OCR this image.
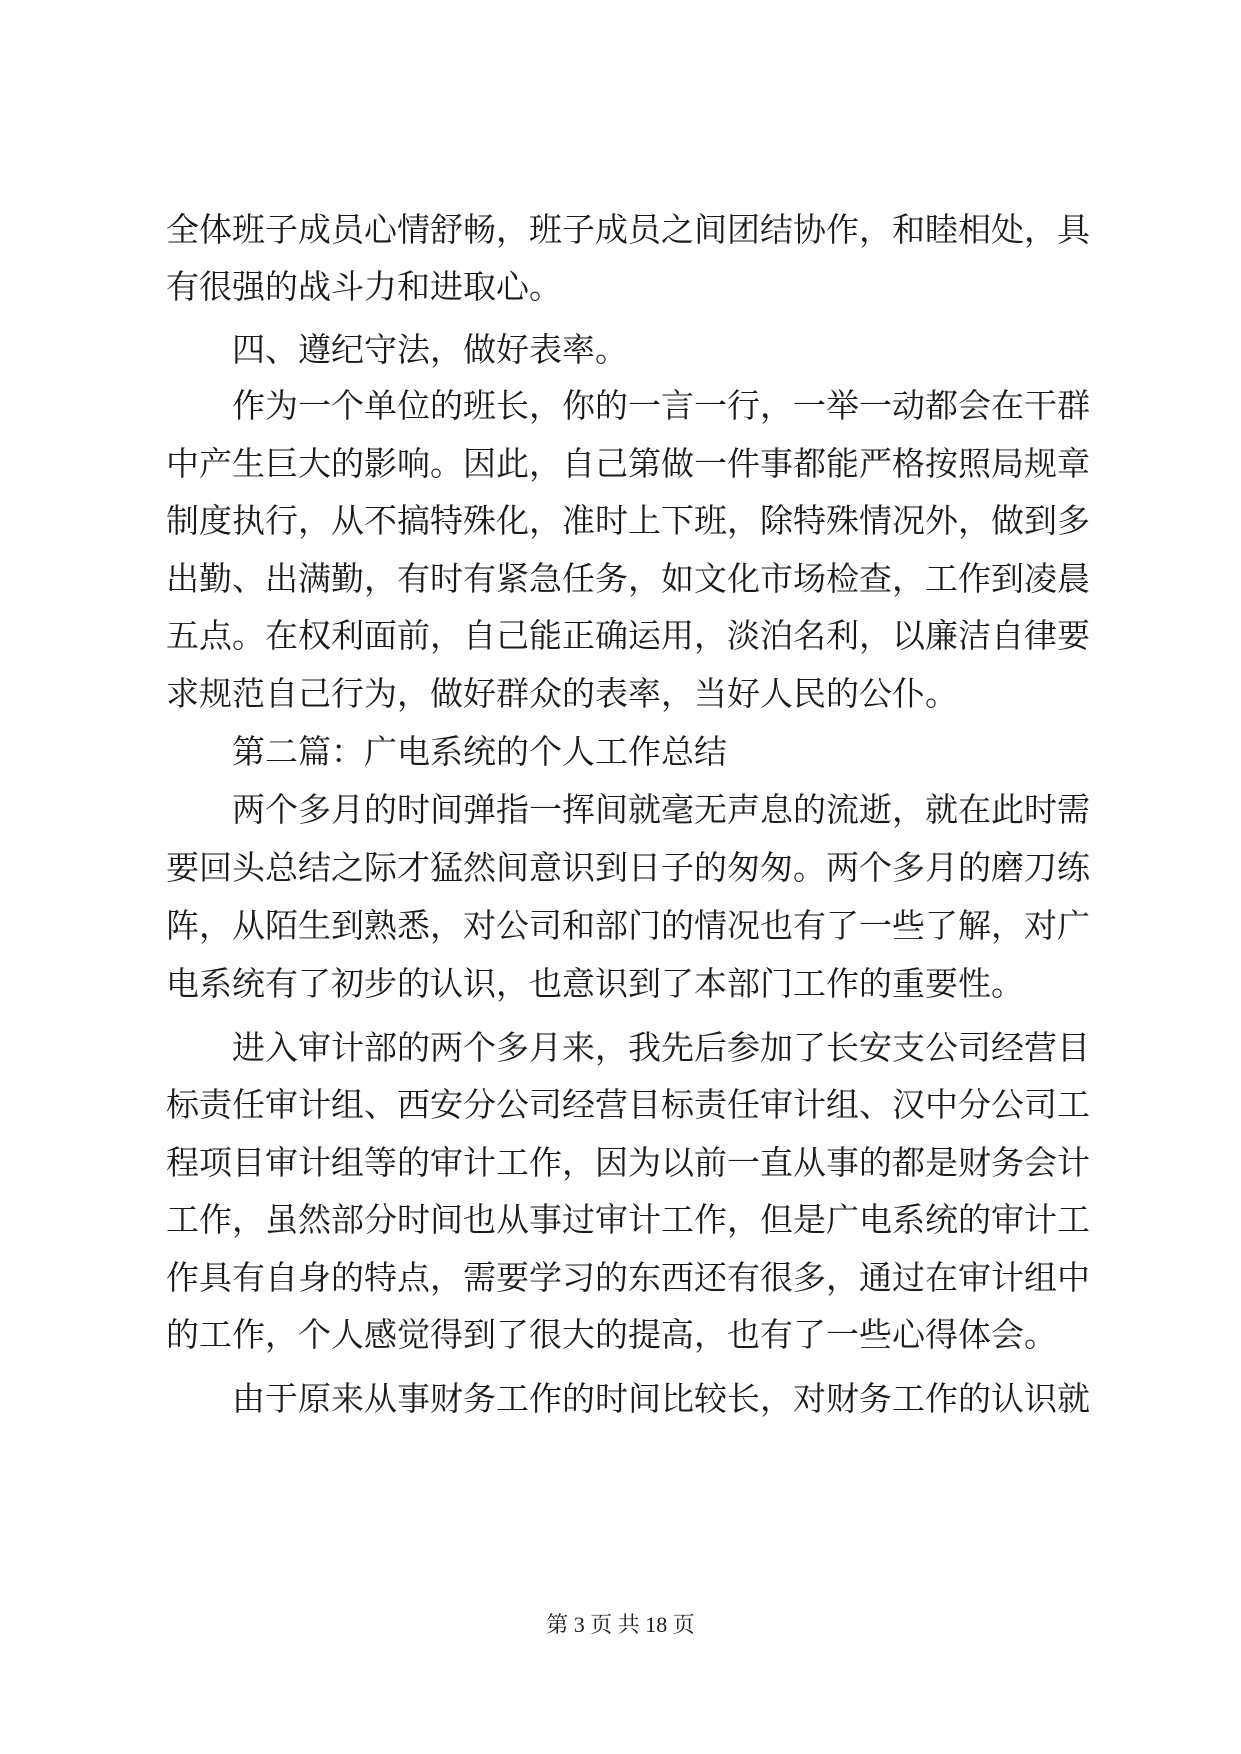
全体班子成员心情舒畅，班子成员之间团结协作，和睦相处，具
有很强的战斗力和进取心。
　　四、遵纪守法，做好表率。
　　作为一个单位的班长，你的一言一行，一举一动都会在干群
中产生巨大的影响。因此，自己第做一件事都能严格按照局规章
制度执行，从不搞特殊化，准时上下班，除特殊情况外，做到多
出勤、出满勤，有时有紧急任务，如文化市场检查，工作到凌晨
五点。在权利面前，自己能正确运用，淡泊名利，以廉洁自律要
求规范自己行为，做好群众的表率，当好人民的公仆。
　　第二篇：广电系统的个人工作总结
　　两个多月的时间弹指一挥间就毫无声息的流逝，就在此时需
要回头总结之际才猛然间意识到日子的匆匆。两个多月的磨刀练
阵，从陌生到熟悉，对公司和部门的情况也有了一些了解，对广
电系统有了初步的认识，也意识到了本部门工作的重要性。
　　进入审计部的两个多月来，我先后参加了长安支公司经营目
标责任审计组、西安分公司经营目标责任审计组、汉中分公司工
程项目审计组等的审计工作，因为以前一直从事的都是财务会计
工作，虽然部分时间也从事过审计工作，但是广电系统的审计工
作具有自身的特点，需要学习的东西还有很多，通过在审计组中
的工作，个人感觉得到了很大的提高，也有了一些心得体会。
　　由于原来从事财务工作的时间比较长，对财务工作的认识就
第 3 页 共 18 页
